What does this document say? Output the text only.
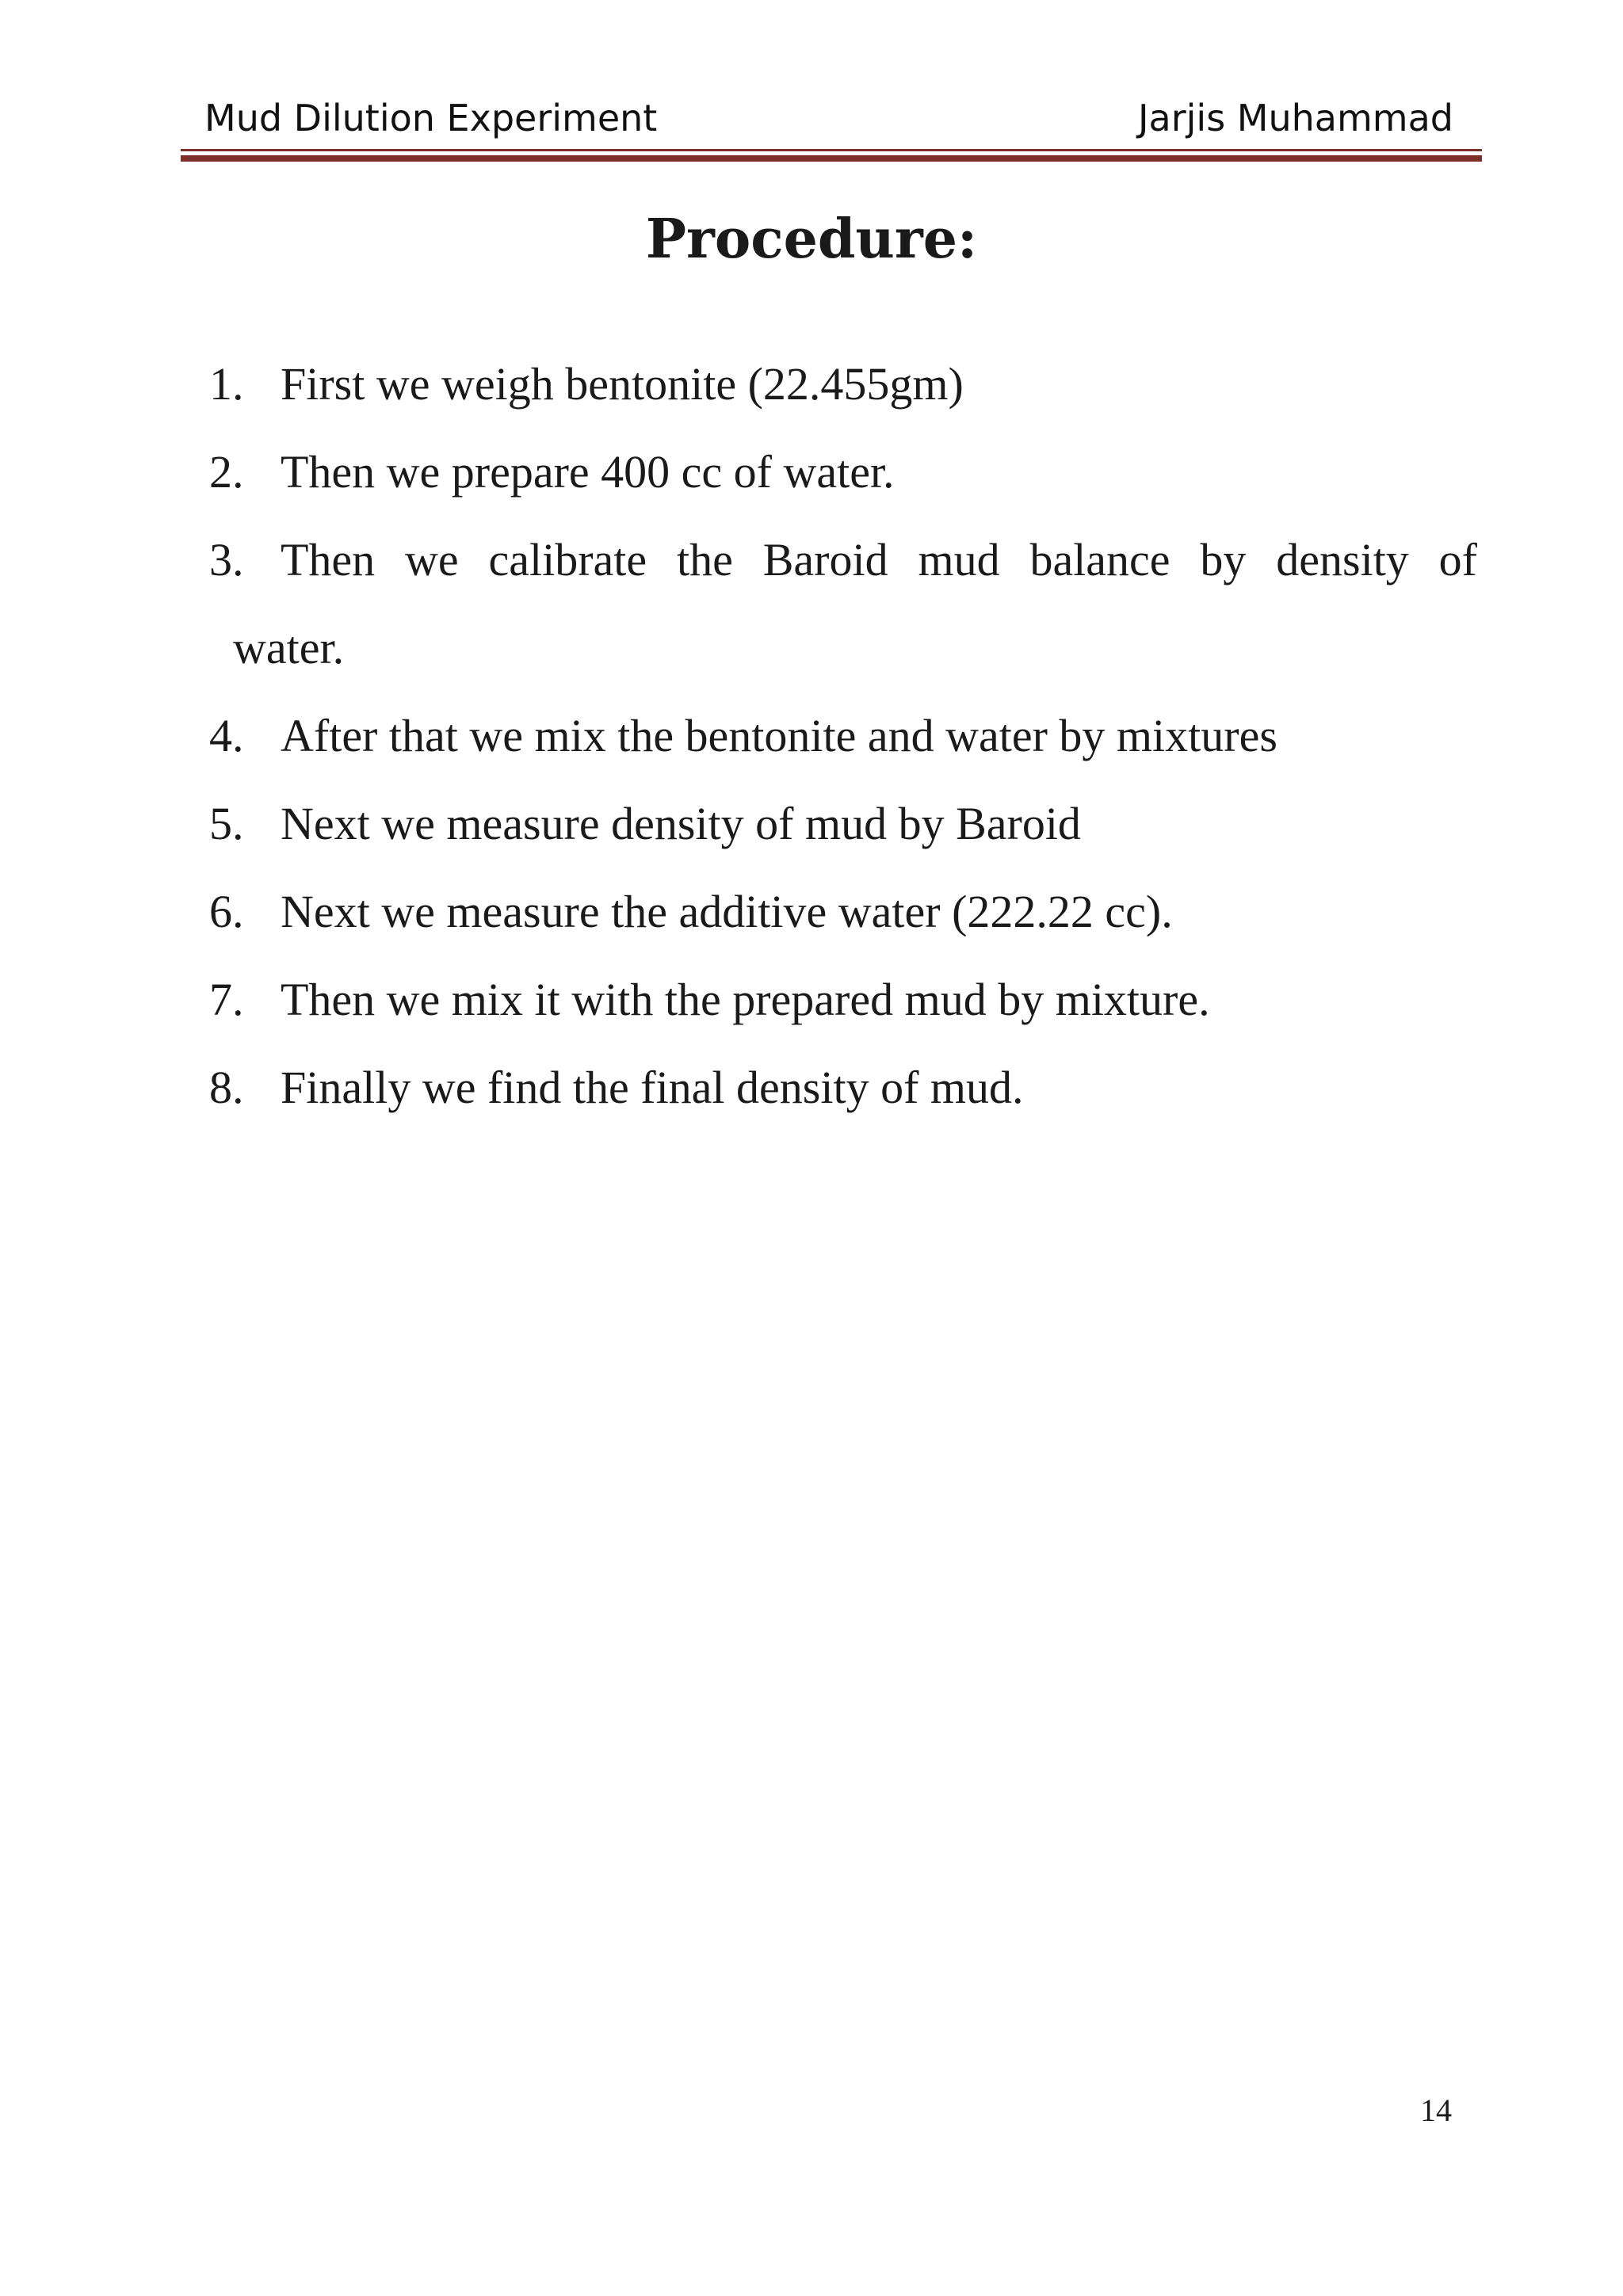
Mud Dilution Experiment	Jarjis Muhammad
Procedure:
1. First we weigh bentonite (22.455gm)
2. Then we prepare 400 cc of water.
3. Then we calibrate the Baroid mud balance by density of
water.
4. After that we mix the bentonite and water by mixtures
5. Next we measure density of mud by Baroid
6. Next we measure the additive water (222.22 cc).
7. Then we mix it with the prepared mud by mixture.
8. Finally we find the final density of mud.
14
